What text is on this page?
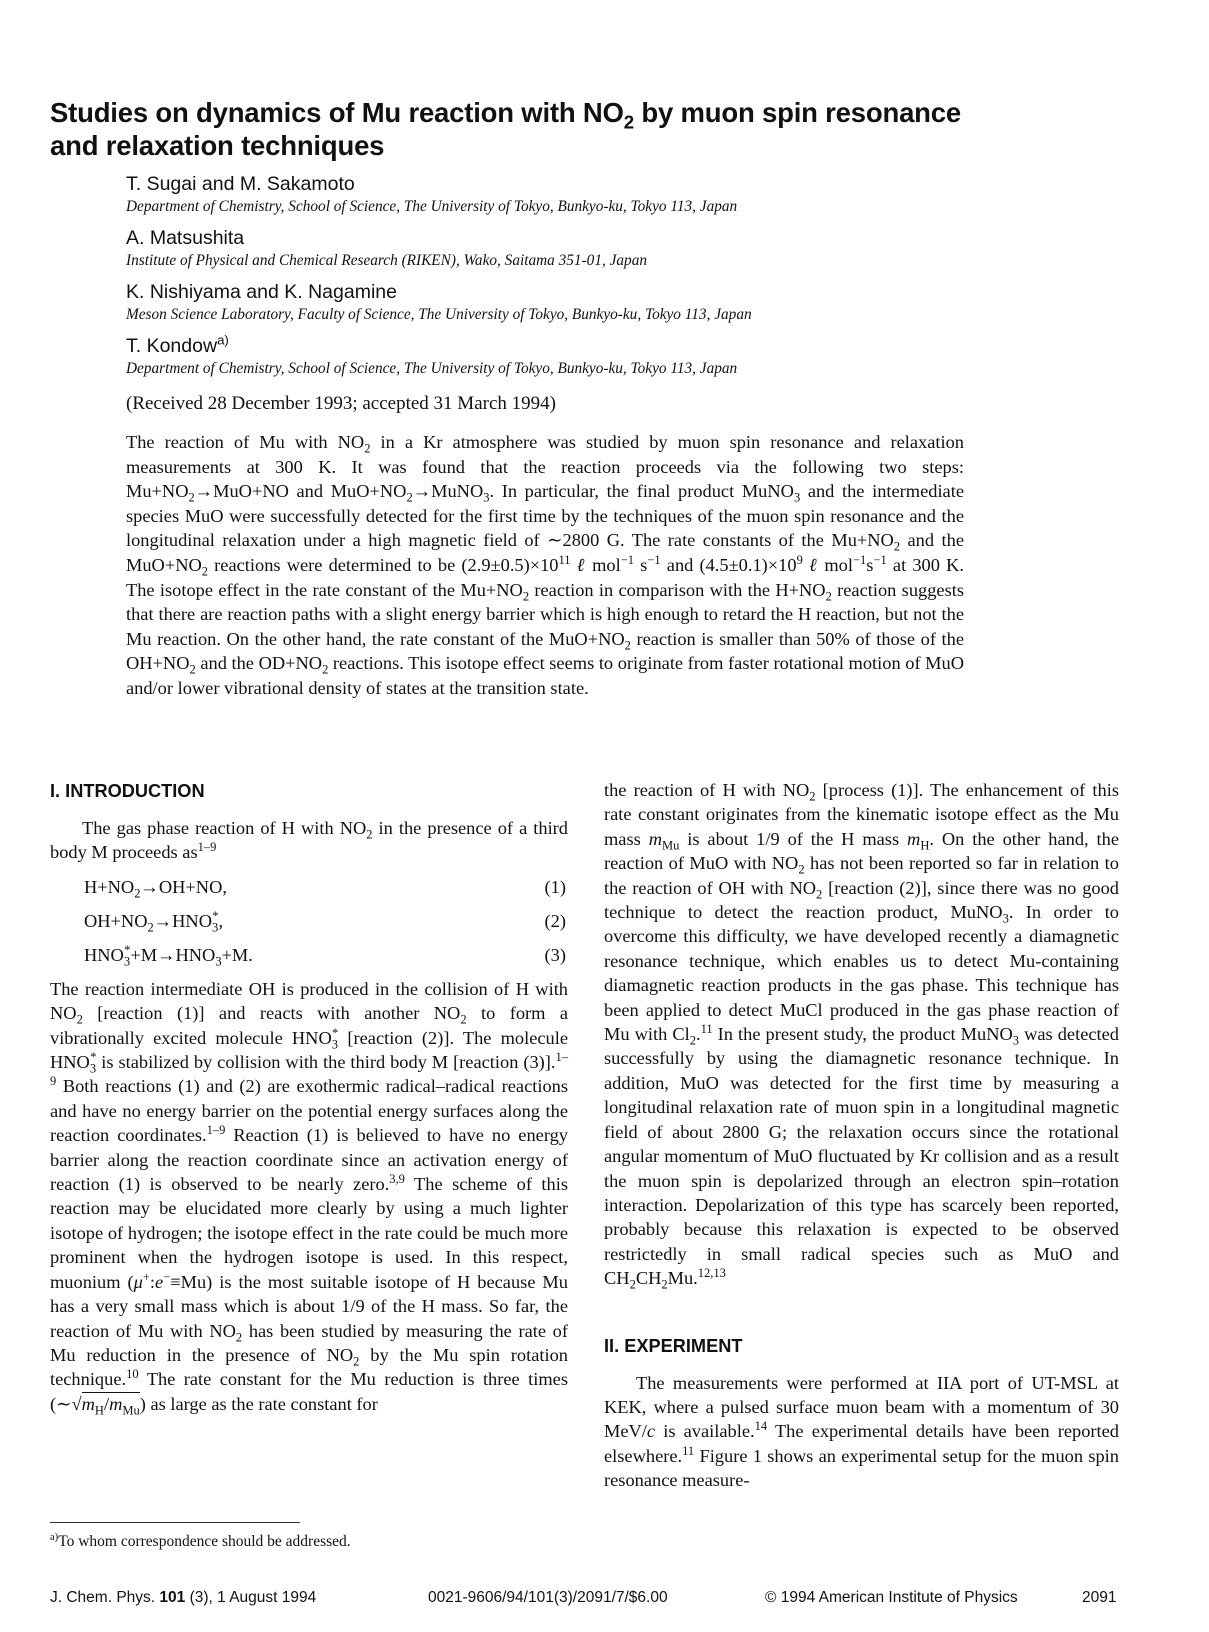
Studies on dynamics of Mu reaction with $NO_2$ by muon spin resonance
and relaxation techniques
T. Sugai and M. Sakamoto
Department of Chemistry, School of Science, The University of Tokyo, Bunkyo-ku, Tokyo 113, Japan
A. Matsushita
Institute of Physical and Chemical Research (RIKEN), Wako, Saitama 351-01, Japan
K. Nishiyama and K. Nagamine
Meson Science Laboratory, Faculty of Science, The University of Tokyo, Bunkyo-ku, Tokyo 113, Japan
T. Kondow$^{a)}$
Department of Chemistry, School of Science, The University of Tokyo, Bunkyo-ku, Tokyo 113, Japan
(Received 28 December 1993; accepted 31 March 1994)
The reaction of Mu with $NO_2$ in a Kr atmosphere was studied by muon spin resonance and relaxation measurements at 300 K. It was found that the reaction proceeds via the following two steps: $Mu+NO_2\to MuO+NO$ and $MuO+NO_2\to MuNO_3$. In particular, the final product MuNO$_3$ and the intermediate species MuO were successfully detected for the first time by the techniques of the muon spin resonance and the longitudinal relaxation under a high magnetic field of ∼2800 G. The rate constants of the $Mu+NO_2$ and the $MuO+NO_2$ reactions were determined to be $(2.9\pm 0.5)\times 10^{11}$ ℓ mol$^{-1}$ $s^{-1}$ and $(4.5\pm 0.1)\times 10^9$ ℓ $mol^{-1}s^{-1}$ at 300 K. The isotope effect in the rate constant of the $Mu+NO_2$ reaction in comparison with the $H+NO_2$ reaction suggests that there are reaction paths with a slight energy barrier which is high enough to retard the H reaction, but not the Mu reaction. On the other hand, the rate constant of the $MuO+NO_2$ reaction is smaller than 50% of those of the $OH+NO_2$ and the $OD+NO_2$ reactions. This isotope effect seems to originate from faster rotational motion of MuO and/or lower vibrational density of states at the transition state.
I. INTRODUCTION

The gas phase reaction of H with $NO_2$ in the presence of a third body M proceeds $as^{1-9}$

$H+NO_2\to OH+NO$,	(1)
$OH+NO_2\to HNO_3^*$,	(2)
$HNO_3^*+M\to HNO_3+M$.	(3)

The reaction intermediate OH is produced in the collision of H with $NO_2$ [reaction (1)] and reacts with another $NO_2$ to form a vibrationally excited molecule $HNO_3^*$ [reaction (2)]. The molecule $HNO_3^*$ is stabilized by collision with the third body M [reaction (3)].$^{1-9}$ Both reactions (1) and (2) are exothermic radical–radical reactions and have no energy barrier on the potential energy surfaces along the reaction coordinates.$^{1-9}$ Reaction (1) is believed to have no energy barrier along the reaction coordinate since an activation energy of reaction (1) is observed to be nearly zero.$^{3,9}$ The scheme of this reaction may be elucidated more clearly by using a much lighter isotope of hydrogen; the isotope effect in the rate could be much more prominent when the hydrogen isotope is used. In this respect, muonium (μ+:e−≡Mu) is the most suitable isotope of H because Mu has a very small mass which is about 1/9 of the H mass. So far, the reaction of Mu with $NO_2$ has been studied by measuring the rate of Mu reduction in the presence of $NO_2$ by the Mu spin rotation technique.$^{10}$ The rate constant for the Mu reduction is three times $(\sim√m_H/m_{Mu})$ as large as the rate constant for

the reaction of H with $NO_2$ [process (1)]. The enhancement of this rate constant originates from the kinematic isotope effect as the Mu mass $m_{Mu}$ is about 1/9 of the H mass $m_H$. On the other hand, the reaction of MuO with $NO_2$ has not been reported so far in relation to the reaction of OH with $NO_2$ [reaction (2)], since there was no good technique to detect the reaction product, MuNO$_3$. In order to overcome this difficulty, we have developed recently a diamagnetic resonance technique, which enables us to detect Mu-containing diamagnetic reaction products in the gas phase. This technique has been applied to detect MuCl produced in the gas phase reaction of Mu with $Cl_2.^{11}$ In the present study, the product MuNO$_3$ was detected successfully by using the diamagnetic resonance technique. In addition, MuO was detected for the first time by measuring a longitudinal relaxation rate of muon spin in a longitudinal magnetic field of about 2800 G; the relaxation occurs since the rotational angular momentum of MuO fluctuated by Kr collision and as a result the muon spin is depolarized through an electron spin–rotation interaction. Depolarization of this type has scarcely been reported, probably because this relaxation is expected to be observed restrictedly in small radical species such as MuO and $CH_2CH_2Mu.^{12,13}$

II. EXPERIMENT

The measurements were performed at IIA port of UT-MSL at KEK, where a pulsed surface muon beam with a momentum of 30 MeV/c is available.$^{14}$ The experimental details have been reported elsewhere.$^{11}$ Figure 1 shows an experimental setup for the muon spin resonance measure-

$^{a)}$To whom correspondence should be addressed.
J. Chem. Phys. 101 (3), 1 August 1994	0021-9606/94/101(3)/2091/7/$6.00	© 1994 American Institute of Physics	2091
